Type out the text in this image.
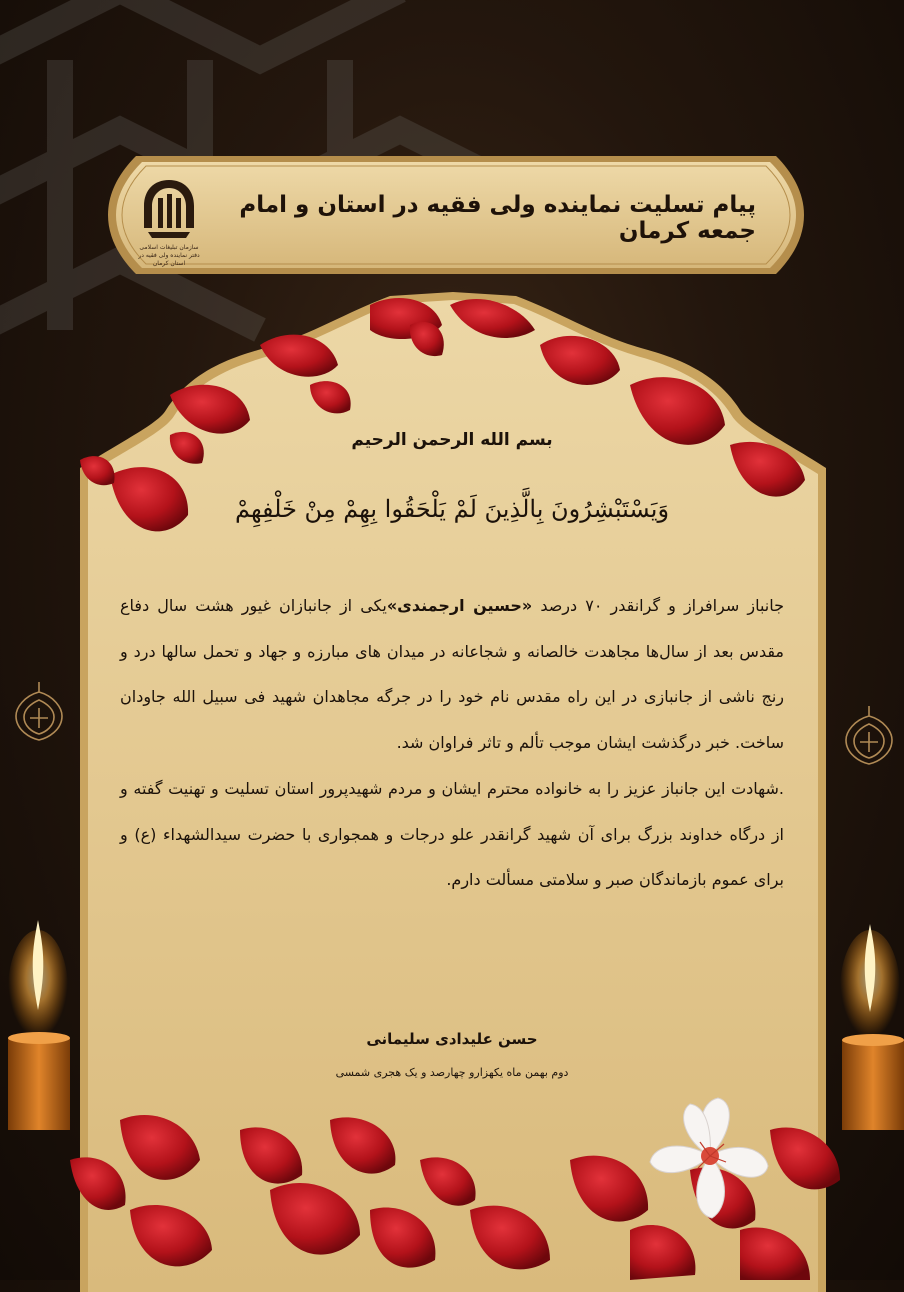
سازمان تبلیغات اسلامی
دفتر نماینده ولی فقیه در استان کرمان
پیام تسلیت نماینده ولی فقیه در استان و امام جمعه کرمان
بسم الله الرحمن الرحیم
وَيَسْتَبْشِرُونَ بِالَّذِينَ لَمْ يَلْحَقُوا بِهِمْ مِنْ خَلْفِهِمْ

جانباز سرافراز و گرانقدر ۷۰ درصد «حسین ارجمندی»یکی از جانبازان غیور هشت سال دفاع مقدس بعد از سال‌ها مجاهدت خالصانه و شجاعانه در میدان های مبارزه و جهاد و تحمل سالها درد و رنج ناشی از جانبازی در این راه مقدس نام خود را در جرگه مجاهدان شهید فی سبیل الله جاودان ساخت. خبر درگذشت ایشان موجب تألم و تاثر فراوان شد.

.شهادت این جانباز عزیز را به خانواده محترم ایشان و مردم شهیدپرور استان تسلیت و تهنیت گفته و از درگاه خداوند بزرگ برای آن شهید گرانقدر علو درجات و همجواری با حضرت سیدالشهداء (ع) و برای عموم بازماندگان صبر و سلامتی مسألت دارم.

حسن علیدادی سلیمانی
دوم بهمن ماه یکهزارو چهارصد و یک هجری شمسی
